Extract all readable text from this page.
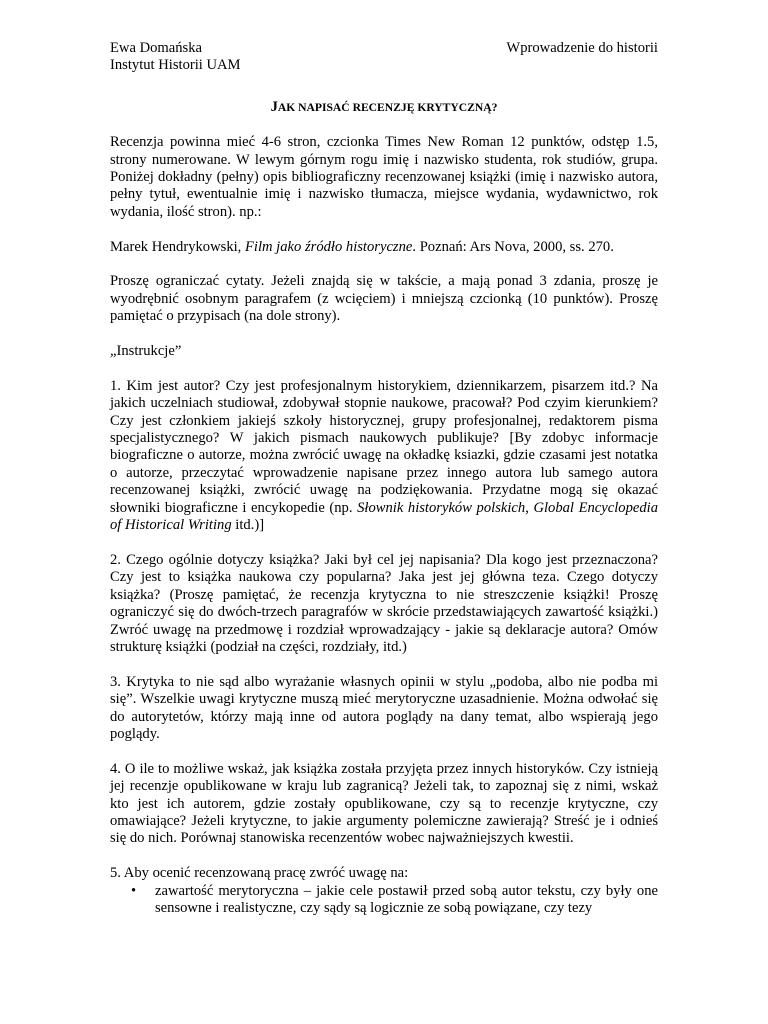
Ewa Domańska
Instytut Historii UAM
Wprowadzenie do historii
JAK NAPISAĆ RECENZJĘ KRYTYCZNĄ?

Recenzja powinna mieć 4-6 stron, czcionka Times New Roman 12 punktów, odstęp 1.5, strony numerowane. W lewym górnym rogu imię i nazwisko studenta, rok studiów, grupa. Poniżej dokładny (pełny) opis bibliograficzny recenzowanej książki (imię i nazwisko autora, pełny tytuł, ewentualnie imię i nazwisko tłumacza, miejsce wydania, wydawnictwo, rok wydania, ilość stron). np.:

Marek Hendrykowski, Film jako źródło historyczne. Poznań: Ars Nova, 2000, ss. 270.

Proszę ograniczać cytaty. Jeżeli znajdą się w takście, a mają ponad 3 zdania, proszę je wyodrębnić osobnym paragrafem (z wcięciem) i mniejszą czcionką (10 punktów). Proszę pamiętać o przypisach (na dole strony).

„Instrukcje”

1. Kim jest autor? Czy jest profesjonalnym historykiem, dziennikarzem, pisarzem itd.? Na jakich uczelniach studiował, zdobywał stopnie naukowe, pracował? Pod czyim kierunkiem? Czy jest członkiem jakiejś szkoły historycznej, grupy profesjonalnej, redaktorem pisma specjalistycznego? W jakich pismach naukowych publikuje? [By zdobyc informacje biograficzne o autorze, można zwrócić uwagę na okładkę ksiazki, gdzie czasami jest notatka o autorze, przeczytać wprowadzenie napisane przez innego autora lub samego autora recenzowanej książki, zwrócić uwagę na podziękowania. Przydatne mogą się okazać słowniki biograficzne i encykopedie (np. Słownik historyków polskich, Global Encyclopedia of Historical Writing itd.)]

2. Czego ogólnie dotyczy książka? Jaki był cel jej napisania? Dla kogo jest przeznaczona? Czy jest to książka naukowa czy popularna? Jaka jest jej główna teza. Czego dotyczy książka? (Proszę pamiętać, że recenzja krytyczna to nie streszczenie książki! Proszę ograniczyć się do dwóch-trzech paragrafów w skrócie przedstawiających zawartość książki.) Zwróć uwagę na przedmowę i rozdział wprowadzający - jakie są deklaracje autora? Omów strukturę książki (podział na części, rozdziały, itd.)

3. Krytyka to nie sąd albo wyrażanie własnych opinii w stylu „podoba, albo nie podba mi się”. Wszelkie uwagi krytyczne muszą mieć merytoryczne uzasadnienie. Można odwołać się do autorytetów, którzy mają inne od autora poglądy na dany temat, albo wspierają jego poglądy.

4. O ile to możliwe wskaż, jak książka została przyjęta przez innych historyków. Czy istnieją jej recenzje opublikowane w kraju lub zagranicą? Jeżeli tak, to zapoznaj się z nimi, wskaż kto jest ich autorem, gdzie zostały opublikowane, czy są to recenzje krytyczne, czy omawiające? Jeżeli krytyczne, to jakie argumenty polemiczne zawierają? Streść je i odnieś się do nich. Porównaj stanowiska recenzentów wobec najważniejszych kwestii.

5. Aby ocenić recenzowaną pracę zwróć uwagę na:

• zawartość merytoryczna – jakie cele postawił przed sobą autor tekstu, czy były one sensowne i realistyczne, czy sądy są logicznie ze sobą powiązane, czy tezy
